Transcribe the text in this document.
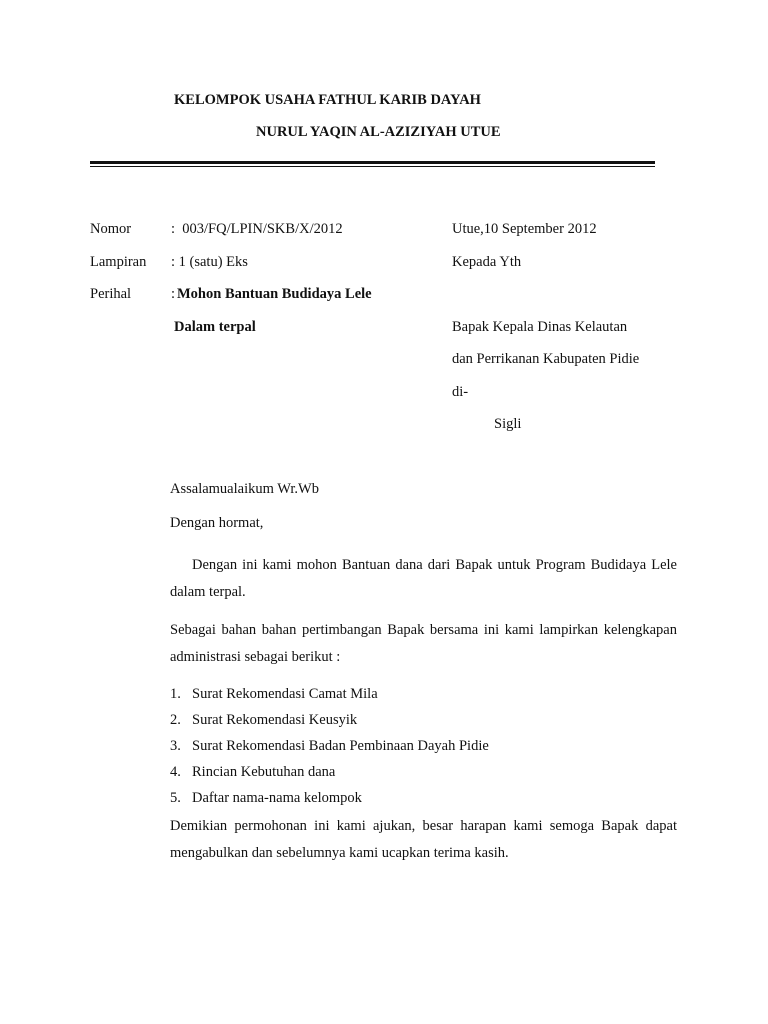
KELOMPOK USAHA FATHUL KARIB DAYAH
NURUL YAQIN AL-AZIZIYAH UTUE
Nomor	:  003/FQ/LPIN/SKB/X/2012
Lampiran : 1 (satu) Eks
Perihal	: Mohon Bantuan Budidaya Lele
Dalam terpal
Utue,10 September 2012
Kepada Yth
Bapak Kepala Dinas Kelautan
dan Perrikanan Kabupaten Pidie
di-
Sigli
Assalamualaikum Wr.Wb
Dengan hormat,
Dengan ini kami mohon Bantuan dana dari Bapak untuk Program Budidaya Lele dalam terpal.
Sebagai bahan bahan pertimbangan Bapak bersama ini kami lampirkan kelengkapan administrasi sebagai berikut :
1. Surat Rekomendasi Camat Mila
2. Surat Rekomendasi Keusyik
3. Surat Rekomendasi Badan Pembinaan Dayah Pidie
4. Rincian Kebutuhan dana
5. Daftar nama-nama kelompok
Demikian permohonan ini kami ajukan, besar harapan kami semoga Bapak dapat mengabulkan dan sebelumnya kami ucapkan terima kasih.
